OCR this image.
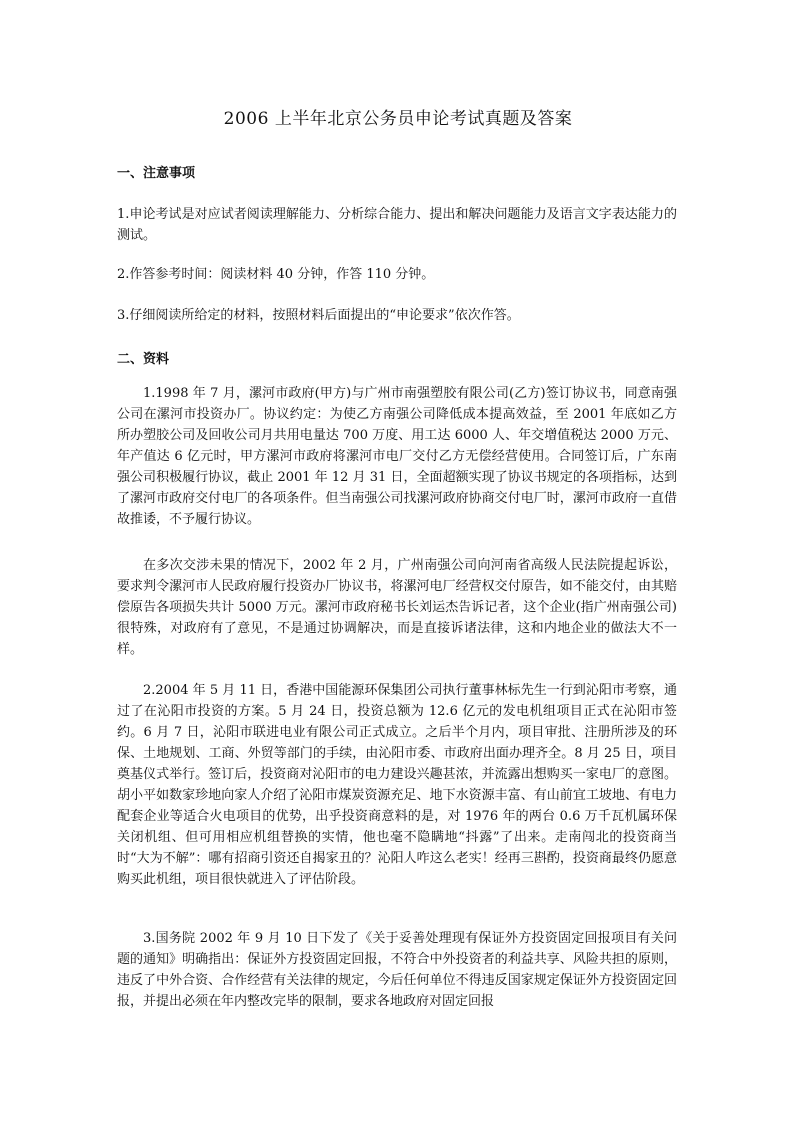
2006 上半年北京公务员申论考试真题及答案
一、注意事项
1.申论考试是对应试者阅读理解能力、分析综合能力、提出和解决问题能力及语言文字表达能力的测试。
2.作答参考时间：阅读材料 40 分钟，作答 110 分钟。
3.仔细阅读所给定的材料，按照材料后面提出的“申论要求”依次作答。
二、资料
1.1998 年 7 月，漯河市政府(甲方)与广州市南强塑胶有限公司(乙方)签订协议书，同意南强公司在漯河市投资办厂。协议约定：为使乙方南强公司降低成本提高效益，至 2001 年底如乙方所办塑胶公司及回收公司月共用电量达 700 万度、用工达 6000 人、年交增值税达 2000 万元、年产值达 6 亿元时，甲方漯河市政府将漯河市电厂交付乙方无偿经营使用。合同签订后，广东南强公司积极履行协议，截止 2001 年 12 月 31 日，全面超额实现了协议书规定的各项指标，达到了漯河市政府交付电厂的各项条件。但当南强公司找漯河政府协商交付电厂时，漯河市政府一直借故推诿，不予履行协议。
在多次交涉未果的情况下，2002 年 2 月，广州南强公司向河南省高级人民法院提起诉讼，要求判令漯河市人民政府履行投资办厂协议书，将漯河电厂经营权交付原告，如不能交付，由其赔偿原告各项损失共计 5000 万元。漯河市政府秘书长刘运杰告诉记者，这个企业(指广州南强公司)很特殊，对政府有了意见，不是通过协调解决，而是直接诉诸法律，这和内地企业的做法大不一样。
2.2004 年 5 月 11 日，香港中国能源环保集团公司执行董事林标先生一行到沁阳市考察，通过了在沁阳市投资的方案。5 月 24 日，投资总额为 12.6 亿元的发电机组项目正式在沁阳市签约。6 月 7 日，沁阳市联进电业有限公司正式成立。之后半个月内，项目审批、注册所涉及的环保、土地规划、工商、外贸等部门的手续，由沁阳市委、市政府出面办理齐全。8 月 25 日，项目奠基仪式举行。签订后，投资商对沁阳市的电力建设兴趣甚浓，并流露出想购买一家电厂的意图。胡小平如数家珍地向家人介绍了沁阳市煤炭资源充足、地下水资源丰富、有山前宜工坡地、有电力配套企业等适合火电项目的优势，出乎投资商意料的是，对 1976 年的两台 0.6 万千瓦机属环保关闭机组、但可用相应机组替换的实情，他也毫不隐瞒地“抖露”了出来。走南闯北的投资商当时“大为不解”：哪有招商引资还自揭家丑的？沁阳人咋这么老实！经再三斟酌，投资商最终仍愿意购买此机组，项目很快就进入了评估阶段。
3.国务院 2002 年 9 月 10 日下发了《关于妥善处理现有保证外方投资固定回报项目有关问题的通知》明确指出：保证外方投资固定回报，不符合中外投资者的利益共享、风险共担的原则，违反了中外合资、合作经营有关法律的规定，今后任何单位不得违反国家规定保证外方投资固定回报，并提出必须在年内整改完毕的限制，要求各地政府对固定回报
